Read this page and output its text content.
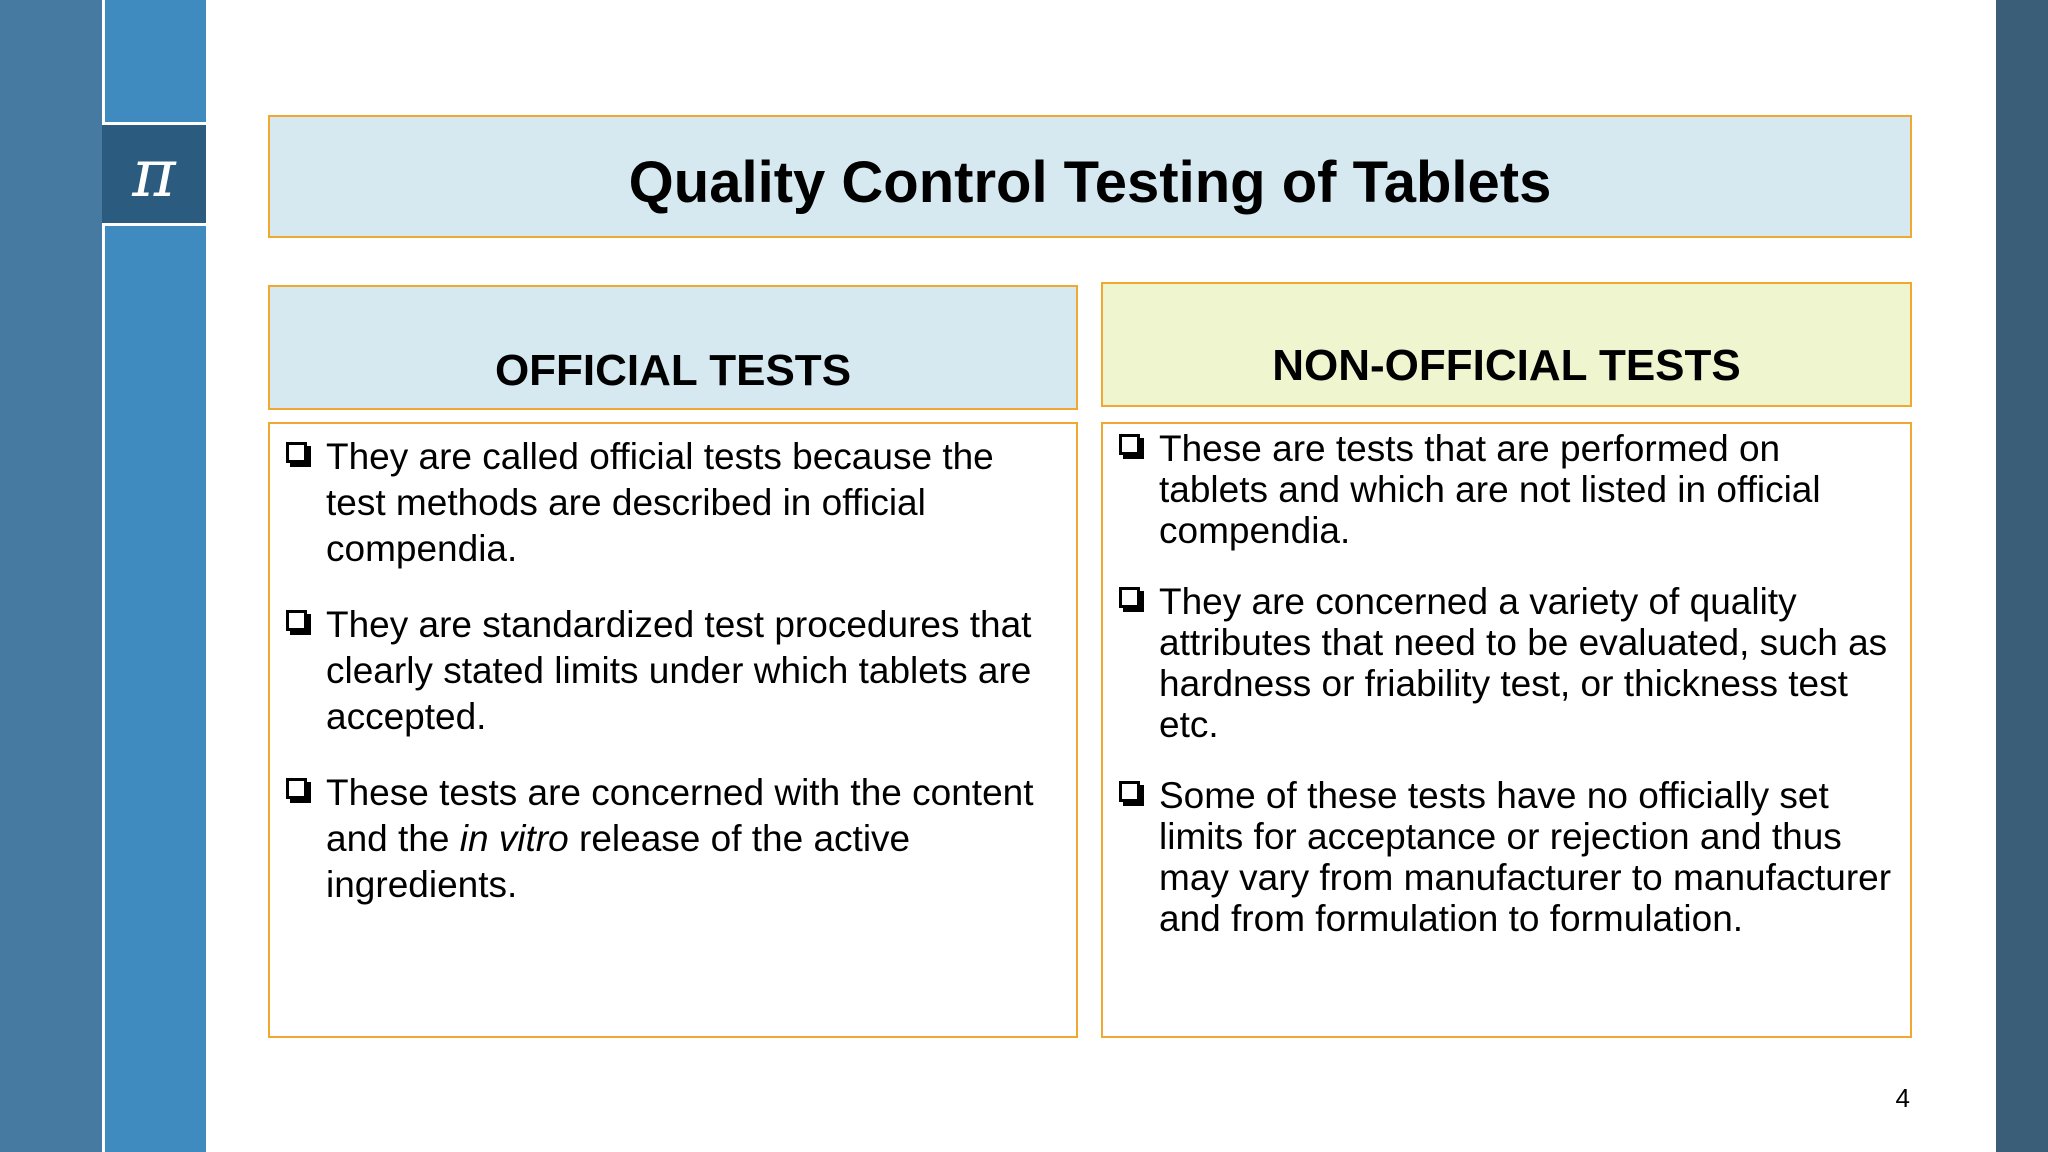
π	Quality Control Testing of Tablets
OFFICIAL TESTS	NON-OFFICIAL TESTS

They are called official tests because the test methods are described in official compendia.

They are standardized test procedures that clearly stated limits under which tablets are accepted.

These tests are concerned with the content and the in vitro release of the active ingredients.

These are tests that are performed on tablets and which are not listed in official compendia.

They are concerned a variety of quality attributes that need to be evaluated, such as hardness or friability test, or thickness test etc.

Some of these tests have no officially set limits for acceptance or rejection and thus may vary from manufacturer to manufacturer and from formulation to formulation.

4
